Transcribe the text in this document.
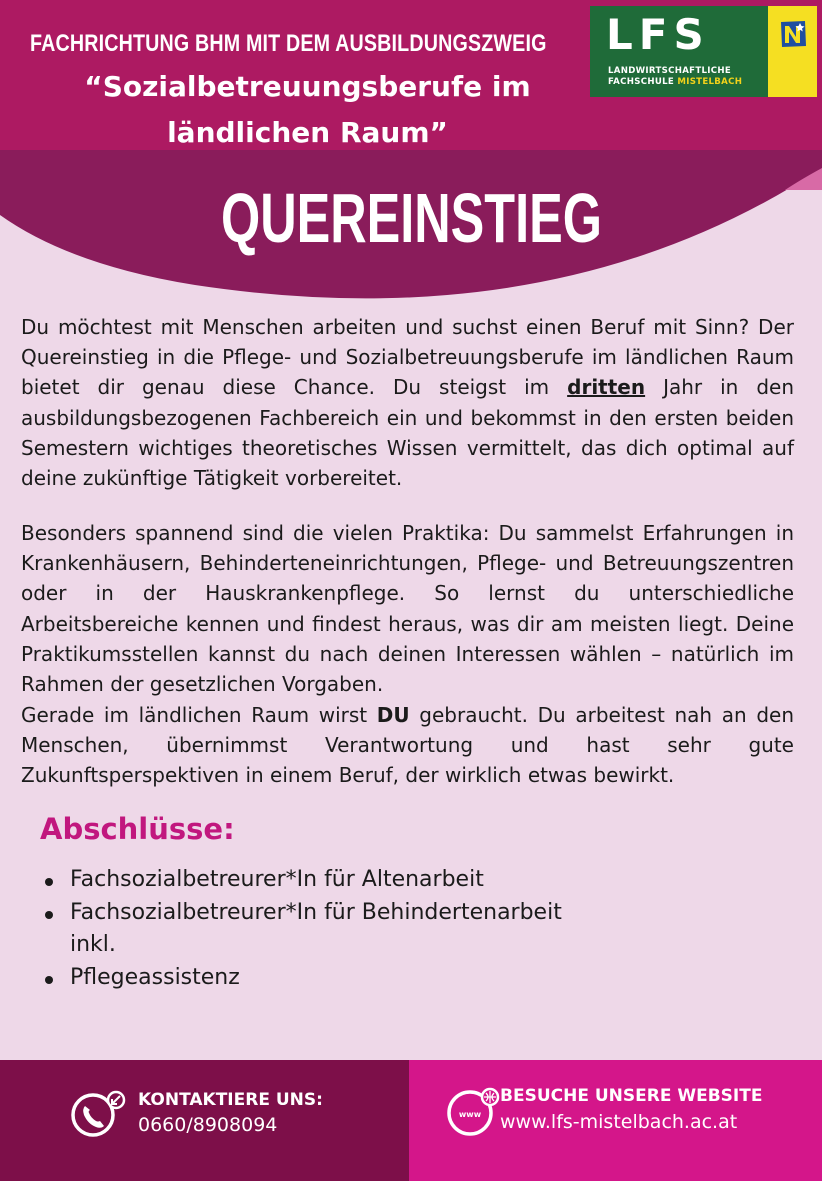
FACHRICHTUNG BHM MIT DEM AUSBILDUNGSZWEIG
“Sozialbetreuungsberufe im
ländlichen Raum”
LFS
LANDWIRTSCHAFTLICHE
FACHSCHULE MISTELBACH
QUEREINSTIEG

Du möchtest mit Menschen arbeiten und suchst einen Beruf mit Sinn? Der Quereinstieg in die Pflege- und Sozialbetreuungsberufe im ländlichen Raum bietet dir genau diese Chance. Du steigst im dritten Jahr in den ausbildungsbezogenen Fachbereich ein und bekommst in den ersten beiden Semestern wichtiges theoretisches Wissen vermittelt, das dich optimal auf deine zukünftige Tätigkeit vorbereitet.

Besonders spannend sind die vielen Praktika: Du sammelst Erfahrungen in Krankenhäusern, Behinderteneinrichtungen, Pflege- und Betreuungszentren oder in der Hauskrankenpflege. So lernst du unterschiedliche Arbeitsbereiche kennen und findest heraus, was dir am meisten liegt. Deine Praktikumsstellen kannst du nach deinen Interessen wählen – natürlich im Rahmen der gesetzlichen Vorgaben.

Gerade im ländlichen Raum wirst DU gebraucht. Du arbeitest nah an den Menschen, übernimmst Verantwortung und hast sehr gute Zukunftsperspektiven in einem Beruf, der wirklich etwas bewirkt.

Abschlüsse:
Fachsozialbetreurer*In für Altenarbeit
Fachsozialbetreurer*In für Behindertenarbeit inkl.
Pflegeassistenz
KONTAKTIERE UNS:
0660/8908094	www
BESUCHE UNSERE WEBSITE
www.lfs-mistelbach.ac.at
